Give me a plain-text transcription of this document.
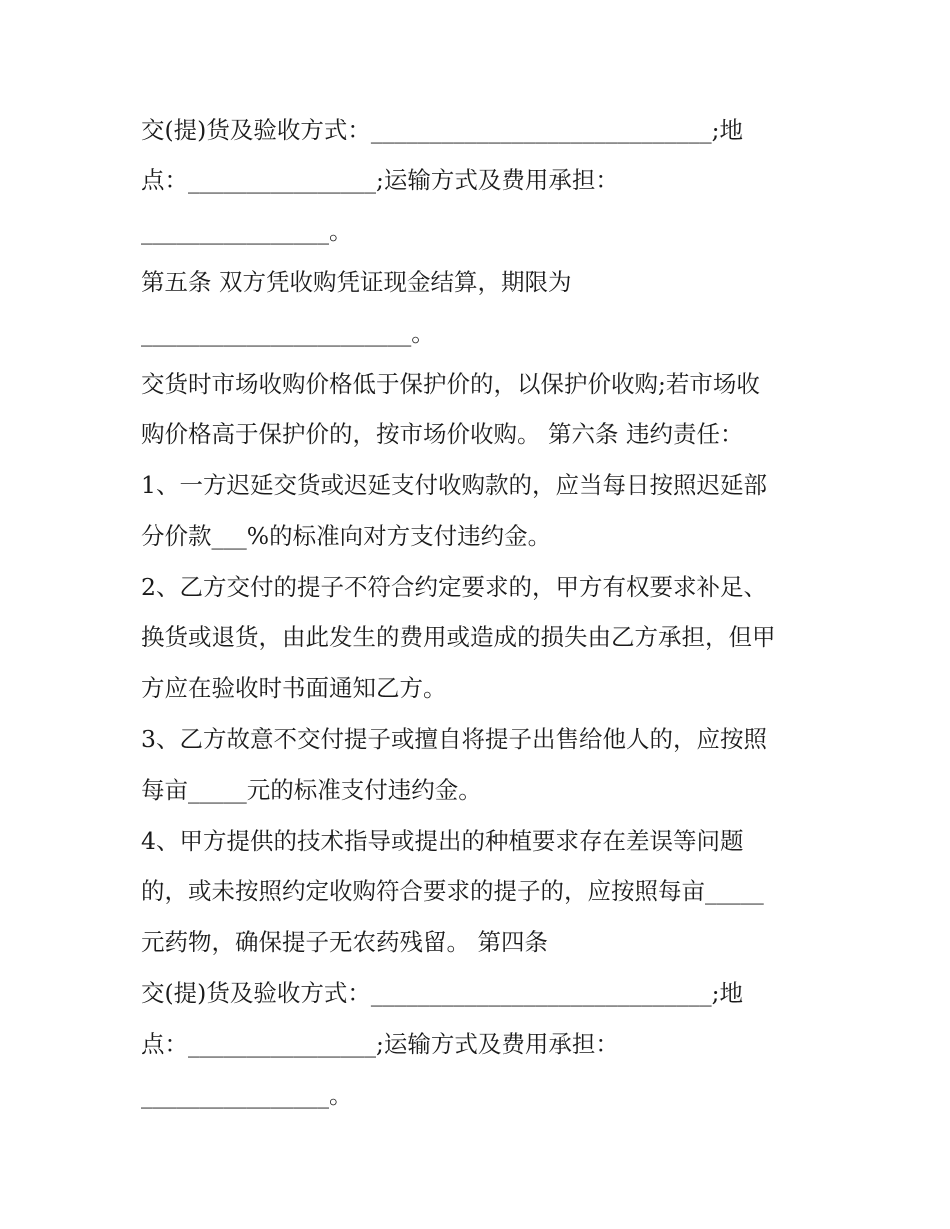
交(提)货及验收方式：_____________________________;地

点：________________;运输方式及费用承担：

________________。

第五条 双方凭收购凭证现金结算，期限为

_______________________。

交货时市场收购价格低于保护价的，以保护价收购;若市场收

购价格高于保护价的，按市场价收购。 第六条 违约责任：

1、一方迟延交货或迟延支付收购款的，应当每日按照迟延部

分价款___%的标准向对方支付违约金。

2、乙方交付的提子不符合约定要求的，甲方有权要求补足、

换货或退货，由此发生的费用或造成的损失由乙方承担，但甲

方应在验收时书面通知乙方。

3、乙方故意不交付提子或擅自将提子出售给他人的，应按照

每亩_____元的标准支付违约金。

4、甲方提供的技术指导或提出的种植要求存在差误等问题

的，或未按照约定收购符合要求的提子的，应按照每亩_____

元药物，确保提子无农药残留。 第四条

交(提)货及验收方式：_____________________________;地

点：________________;运输方式及费用承担：

________________。
